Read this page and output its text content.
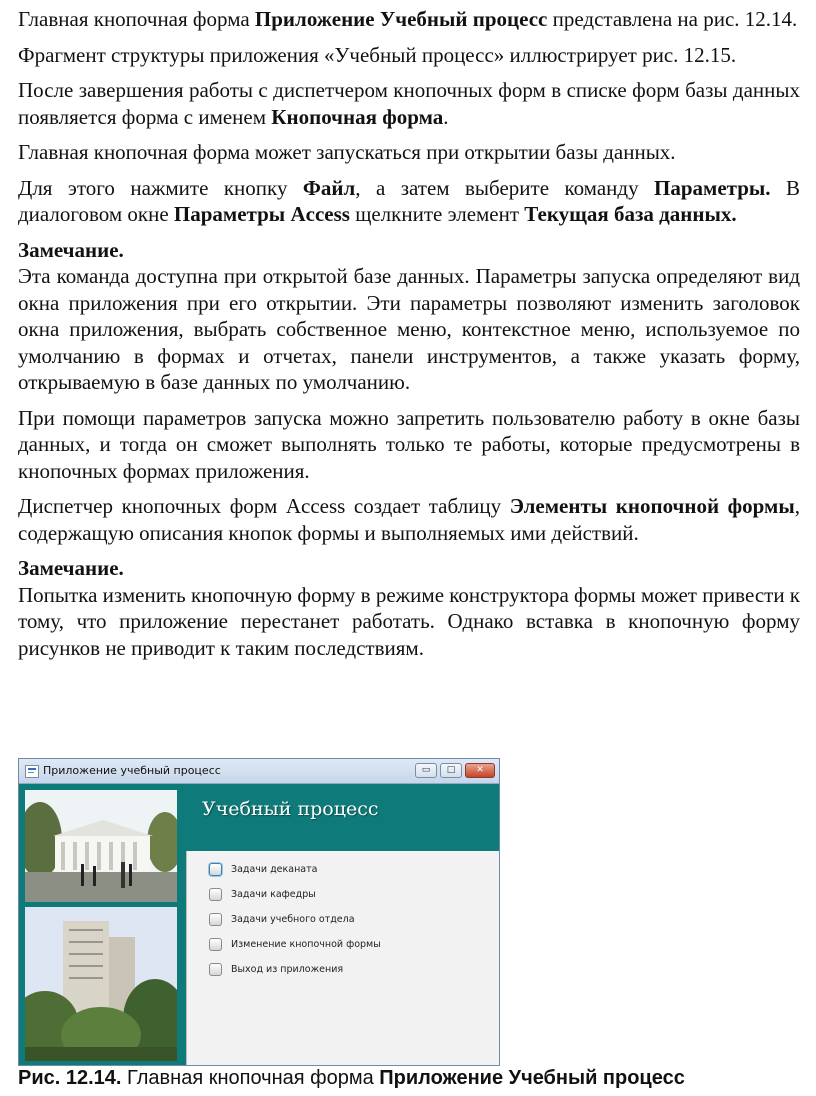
Главная кнопочная форма Приложение Учебный процесс представлена на рис. 12.14.

Фрагмент структуры приложения «Учебный процесс» иллюстрирует рис. 12.15.

После завершения работы с диспетчером кнопочных форм в списке форм базы данных появляется форма с именем Кнопочная форма.

Главная кнопочная форма может запускаться при открытии базы данных.

Для этого нажмите кнопку Файл, а затем выберите команду Параметры. В диалоговом окне Параметры Access щелкните элемент Текущая база данных.

Замечание.

Эта команда доступна при открытой базе данных. Параметры запуска определяют вид окна приложения при его открытии. Эти параметры позволяют изменить заголовок окна приложения, выбрать собственное меню, контекстное меню, используемое по умолчанию в формах и отчетах, панели инструментов, а также указать форму, открываемую в базе данных по умолчанию.

При помощи параметров запуска можно запретить пользователю работу в окне базы данных, и тогда он сможет выполнять только те работы, которые предусмотрены в кнопочных формах приложения.

Диспетчер кнопочных форм Access создает таблицу Элементы кнопочной формы, содержащую описания кнопок формы и выполняемых ими действий.

Замечание.

Попытка изменить кнопочную форму в режиме конструктора формы может привести к тому, что приложение перестанет работать. Однако вставка в кнопочную форму рисунков не приводит к таким последствиям.

Приложение учебный процесс	▭	□	✕
Учебный процесс
Задачи деканата
Задачи кафедры
Задачи учебного отдела
Изменение кнопочной формы
Выход из приложения
Рис. 12.14. Главная кнопочная форма Приложение Учебный процесс
